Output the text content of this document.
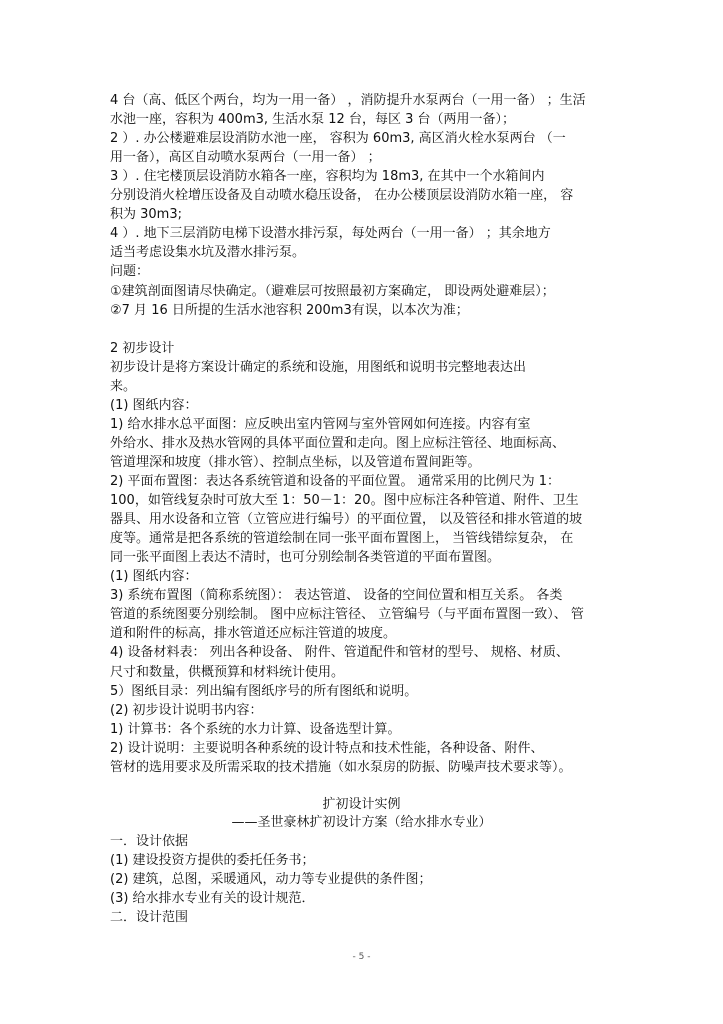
4 台（高、低区个两台，均为一用一备） ，消防提升水泵两台（一用一备） ；生活
水池一座，容积为 400m3, 生活水泵 12 台，每区 3 台（两用一备）；
2 ）. 办公楼避难层设消防水池一座， 容积为 60m3, 高区消火栓水泵两台 （一
用一备），高区自动喷水泵两台（一用一备） ；
3 ）. 住宅楼顶层设消防水箱各一座，容积均为 18m3, 在其中一个水箱间内
分别设消火栓增压设备及自动喷水稳压设备， 在办公楼顶层设消防水箱一座， 容
积为 30m3;
4 ）. 地下三层消防电梯下设潜水排污泵，每处两台（一用一备） ；其余地方
适当考虑设集水坑及潜水排污泵。
问题：
①建筑剖面图请尽快确定。（避难层可按照最初方案确定， 即设两处避难层）；
②7 月 16 日所提的生活水池容积 200m3有误，以本次为准；
2 初步设计
初步设计是将方案设计确定的系统和设施，用图纸和说明书完整地表达出
来。
(1) 图纸内容：
1) 给水排水总平面图：应反映出室内管网与室外管网如何连接。内容有室
外给水、排水及热水管网的具体平面位置和走向。图上应标注管径、地面标高、
管道埋深和坡度（排水管）、控制点坐标，以及管道布置间距等。
2) 平面布置图：表达各系统管道和设备的平面位置。 通常采用的比例尺为 1：
100，如管线复杂时可放大至 1：50－1：20。图中应标注各种管道、附件、卫生
器具、用水设备和立管（立管应进行编号）的平面位置， 以及管径和排水管道的坡
度等。通常是把各系统的管道绘制在同一张平面布置图上， 当管线错综复杂， 在
同一张平面图上表达不清时，也可分别绘制各类管道的平面布置图。
(1) 图纸内容：
3) 系统布置图（简称系统图）： 表达管道、 设备的空间位置和相互关系。 各类
管道的系统图要分别绘制。 图中应标注管径、 立管编号（与平面布置图一致）、 管
道和附件的标高，排水管道还应标注管道的坡度。
4) 设备材料表： 列出各种设备、 附件、管道配件和管材的型号、 规格、材质、
尺寸和数量，供概预算和材料统计使用。
5）图纸目录：列出编有图纸序号的所有图纸和说明。
(2) 初步设计说明书内容：
1) 计算书：各个系统的水力计算、设备选型计算。
2) 设计说明：主要说明各种系统的设计特点和技术性能，各种设备、附件、
管材的选用要求及所需采取的技术措施（如水泵房的防振、防噪声技术要求等）。
扩初设计实例
——圣世豪林扩初设计方案（给水排水专业）
一．设计依据
(1) 建设投资方提供的委托任务书；
(2) 建筑，总图，采暖通风，动力等专业提供的条件图；
(3) 给水排水专业有关的设计规范．
二．设计范围
- 5 -
